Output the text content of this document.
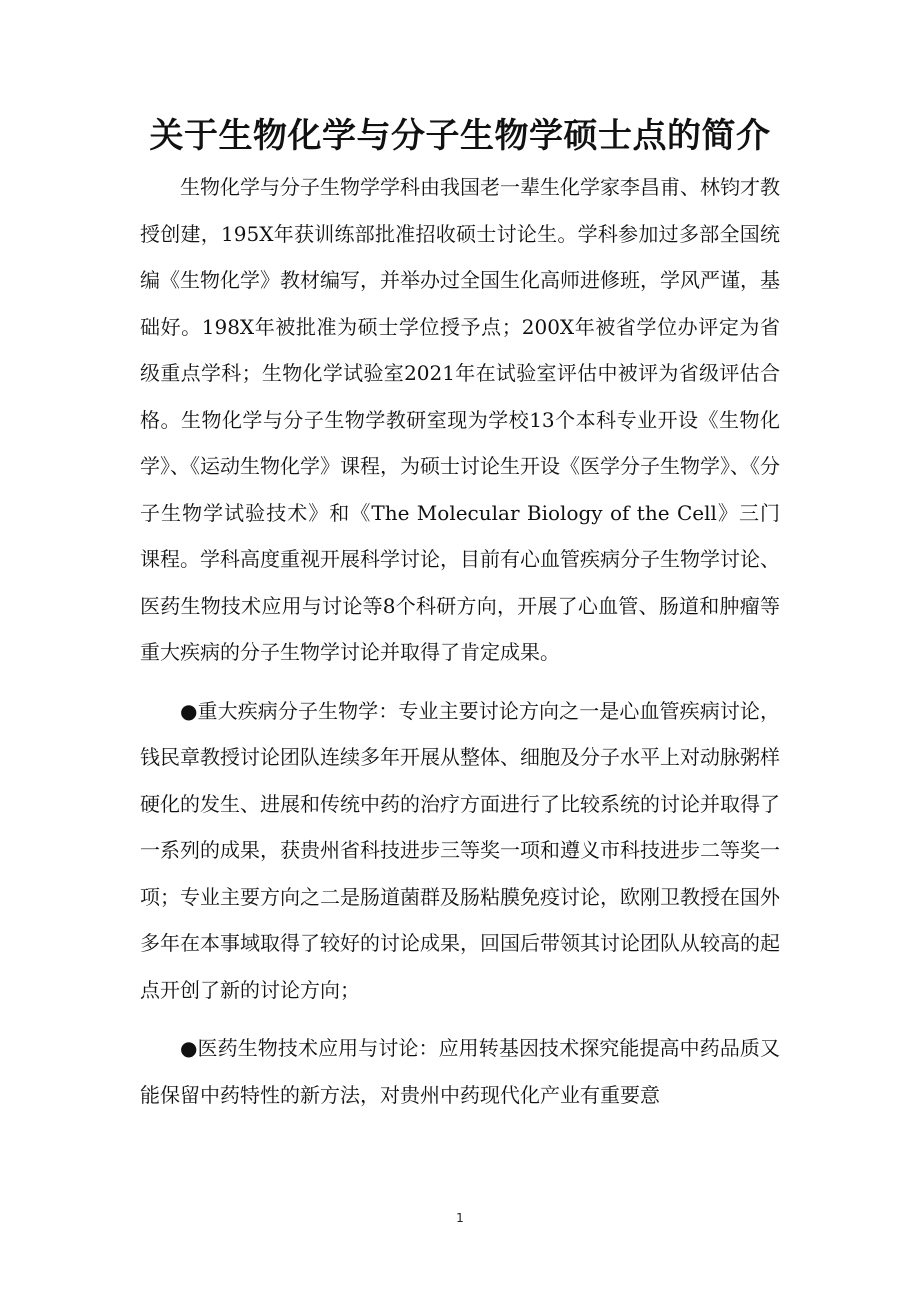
关于生物化学与分子生物学硕士点的简介

生物化学与分子生物学学科由我国老一辈生化学家李昌甫、林钧才教授创建，195X年获训练部批准招收硕士讨论生。学科参加过多部全国统编《生物化学》教材编写，并举办过全国生化高师进修班，学风严谨，基础好。198X年被批准为硕士学位授予点；200X年被省学位办评定为省级重点学科；生物化学试验室2021年在试验室评估中被评为省级评估合格。生物化学与分子生物学教研室现为学校13个本科专业开设《生物化学》、《运动生物化学》课程，为硕士讨论生开设《医学分子生物学》、《分子生物学试验技术》和《The Molecular Biology of the Cell》三门课程。学科高度重视开展科学讨论，目前有心血管疾病分子生物学讨论、医药生物技术应用与讨论等8个科研方向，开展了心血管、肠道和肿瘤等重大疾病的分子生物学讨论并取得了肯定成果。

●重大疾病分子生物学：专业主要讨论方向之一是心血管疾病讨论，钱民章教授讨论团队连续多年开展从整体、细胞及分子水平上对动脉粥样硬化的发生、进展和传统中药的治疗方面进行了比较系统的讨论并取得了一系列的成果，获贵州省科技进步三等奖一项和遵义市科技进步二等奖一项；专业主要方向之二是肠道菌群及肠粘膜免疫讨论，欧刚卫教授在国外多年在本事域取得了较好的讨论成果，回国后带领其讨论团队从较高的起点开创了新的讨论方向；

●医药生物技术应用与讨论：应用转基因技术探究能提高中药品质又能保留中药特性的新方法，对贵州中药现代化产业有重要意

1
